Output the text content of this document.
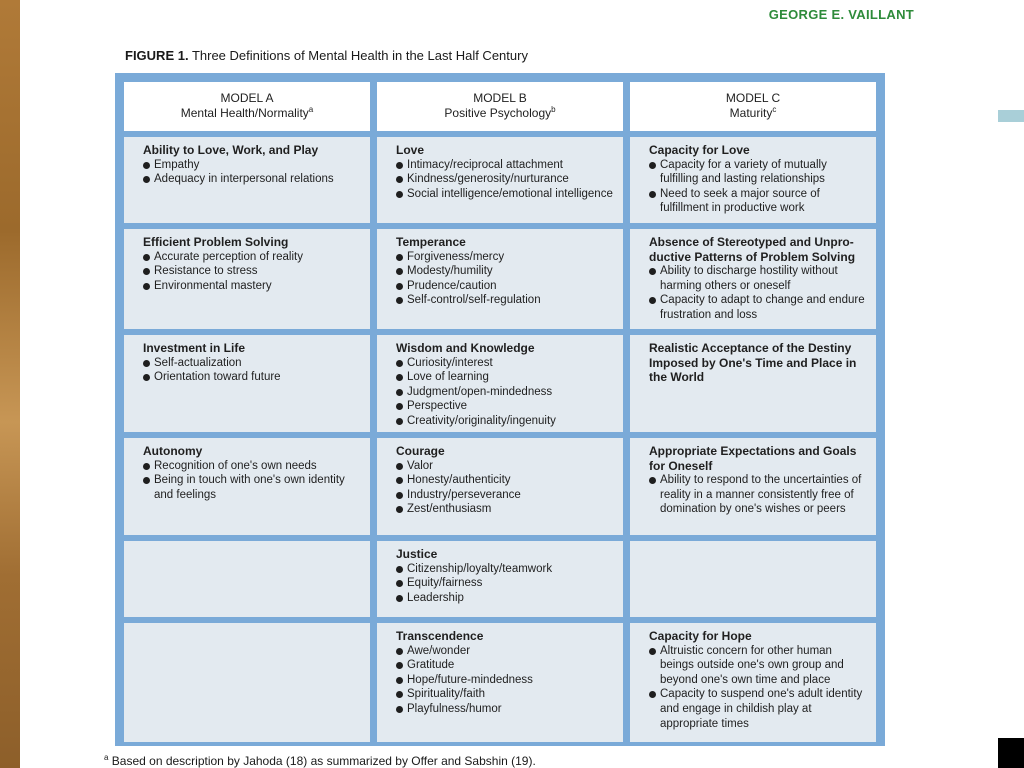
GEORGE E. VAILLANT
FIGURE 1. Three Definitions of Mental Health in the Last Half Century
MODEL A
Mental Health/Normality$^a$
MODEL B
Positive Psychology$^b$
MODEL C
Maturity$^c$
Ability to Love, Work, and Play
Empathy
Adequacy in interpersonal relations
Love
Intimacy/reciprocal attachment
Kindness/generosity/nurturance
Social intelligence/emotional intelligence
Capacity for Love
Capacity for a variety of mutually fulfilling and lasting relationships
Need to seek a major source of fulfillment in productive work
Efficient Problem Solving
Accurate perception of reality
Resistance to stress
Environmental mastery
Temperance
Forgiveness/mercy
Modesty/humility
Prudence/caution
Self-control/self-regulation
Absence of Stereotyped and Unpro-ductive Patterns of Problem Solving
Ability to discharge hostility without harming others or oneself
Capacity to adapt to change and endure frustration and loss
Investment in Life
Self-actualization
Orientation toward future
Wisdom and Knowledge
Curiosity/interest
Love of learning
Judgment/open-mindedness
Perspective
Creativity/originality/ingenuity
Realistic Acceptance of the Destiny Imposed by One's Time and Place in the World
Autonomy
Recognition of one's own needs
Being in touch with one's own identity and feelings
Courage
Valor
Honesty/authenticity
Industry/perseverance
Zest/enthusiasm
Appropriate Expectations and Goals for Oneself
Ability to respond to the uncertainties of reality in a manner consistently free of domination by one's wishes or peers
Justice
Citizenship/loyalty/teamwork
Equity/fairness
Leadership
Transcendence
Awe/wonder
Gratitude
Hope/future-mindedness
Spirituality/faith
Playfulness/humor
Capacity for Hope
Altruistic concern for other human beings outside one's own group and beyond one's own time and place
Capacity to suspend one's adult identity and engage in childish play at appropriate times
$^a$ Based on description by Jahoda (18) as summarized by Offer and Sabshin (19).
